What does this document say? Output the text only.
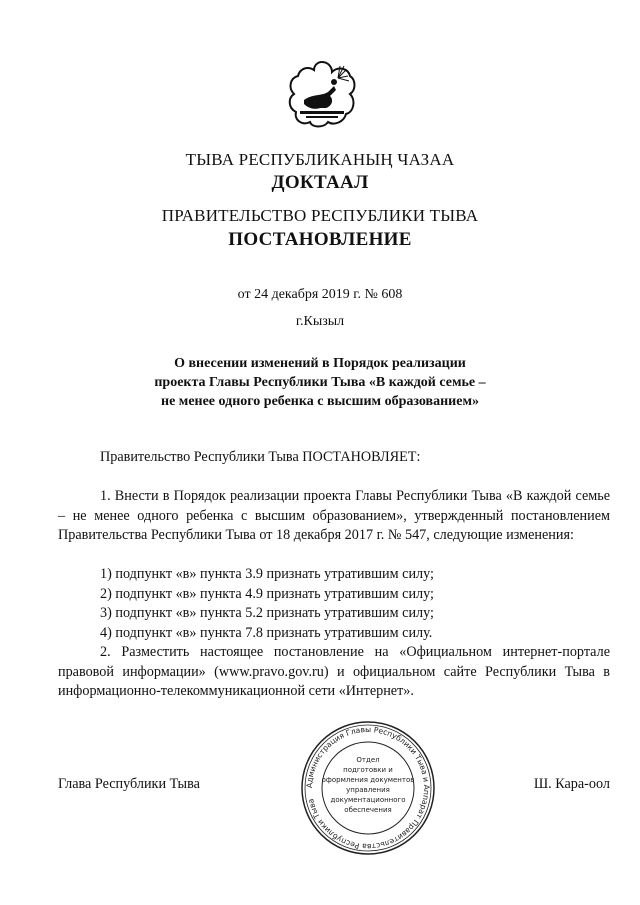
ТЫВА РЕСПУБЛИКАНЫҢ ЧАЗАА
ДОКТААЛ
ПРАВИТЕЛЬСТВО РЕСПУБЛИКИ ТЫВА
ПОСТАНОВЛЕНИЕ
от 24 декабря 2019 г. № 608
г.Кызыл
О внесении изменений в Порядок реализации
проекта Главы Республики Тыва «В каждой семье –
не менее одного ребенка с высшим образованием»
Правительство Республики Тыва ПОСТАНОВЛЯЕТ:
1. Внести в Порядок реализации проекта Главы Республики Тыва «В каждой семье – не менее одного ребенка с высшим образованием», утвержденный постановлением Правительства Республики Тыва от 18 декабря 2017 г. № 547, следующие изменения:
1) подпункт «в» пункта 3.9 признать утратившим силу;
2) подпункт «в» пункта 4.9 признать утратившим силу;
3) подпункт «в» пункта 5.2 признать утратившим силу;
4) подпункт «в» пункта 7.8 признать утратившим силу.
2. Разместить настоящее постановление на «Официальном интернет-портале правовой информации» (www.pravo.gov.ru) и официальном сайте Республики Тыва в информационно-телекоммуникационной сети «Интернет».
Администрация Главы Республики Тыва и Аппарат Правительства Республики Тыва
Отдел
подготовки и
оформления документов
управления
документационного
обеспечения
Глава Республики Тыва	Ш. Кара-оол
